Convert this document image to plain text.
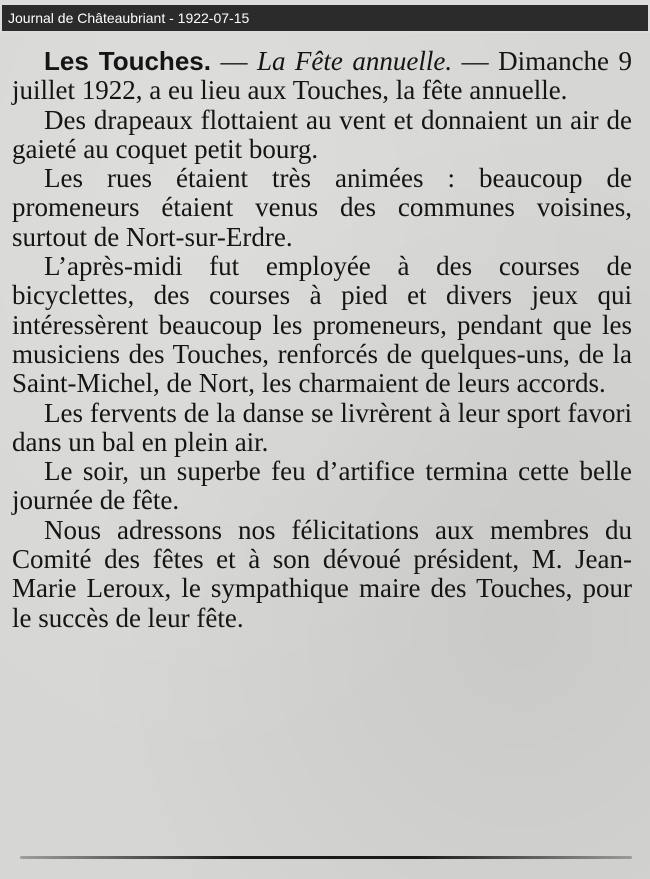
Journal de Châteaubriant - 1922-07-15

Les Touches. — La Fête annuelle. — Dimanche 9 juillet 1922, a eu lieu aux Touches, la fête annuelle.

Des drapeaux flottaient au vent et donnaient un air de gaieté au coquet petit bourg.

Les rues étaient très animées : beaucoup de promeneurs étaient venus des communes voisines, surtout de Nort-sur-Erdre.

L’après-midi fut employée à des courses de bicyclettes, des courses à pied et divers jeux qui intéressèrent beaucoup les promeneurs, pendant que les musiciens des Touches, renforcés de quelques-uns, de la Saint-Michel, de Nort, les charmaient de leurs accords.

Les fervents de la danse se livrèrent à leur sport favori dans un bal en plein air.

Le soir, un superbe feu d’artifice termina cette belle journée de fête.

Nous adressons nos félicitations aux membres du Comité des fêtes et à son dévoué président, M. Jean-Marie Leroux, le sympathique maire des Touches, pour le succès de leur fête.
